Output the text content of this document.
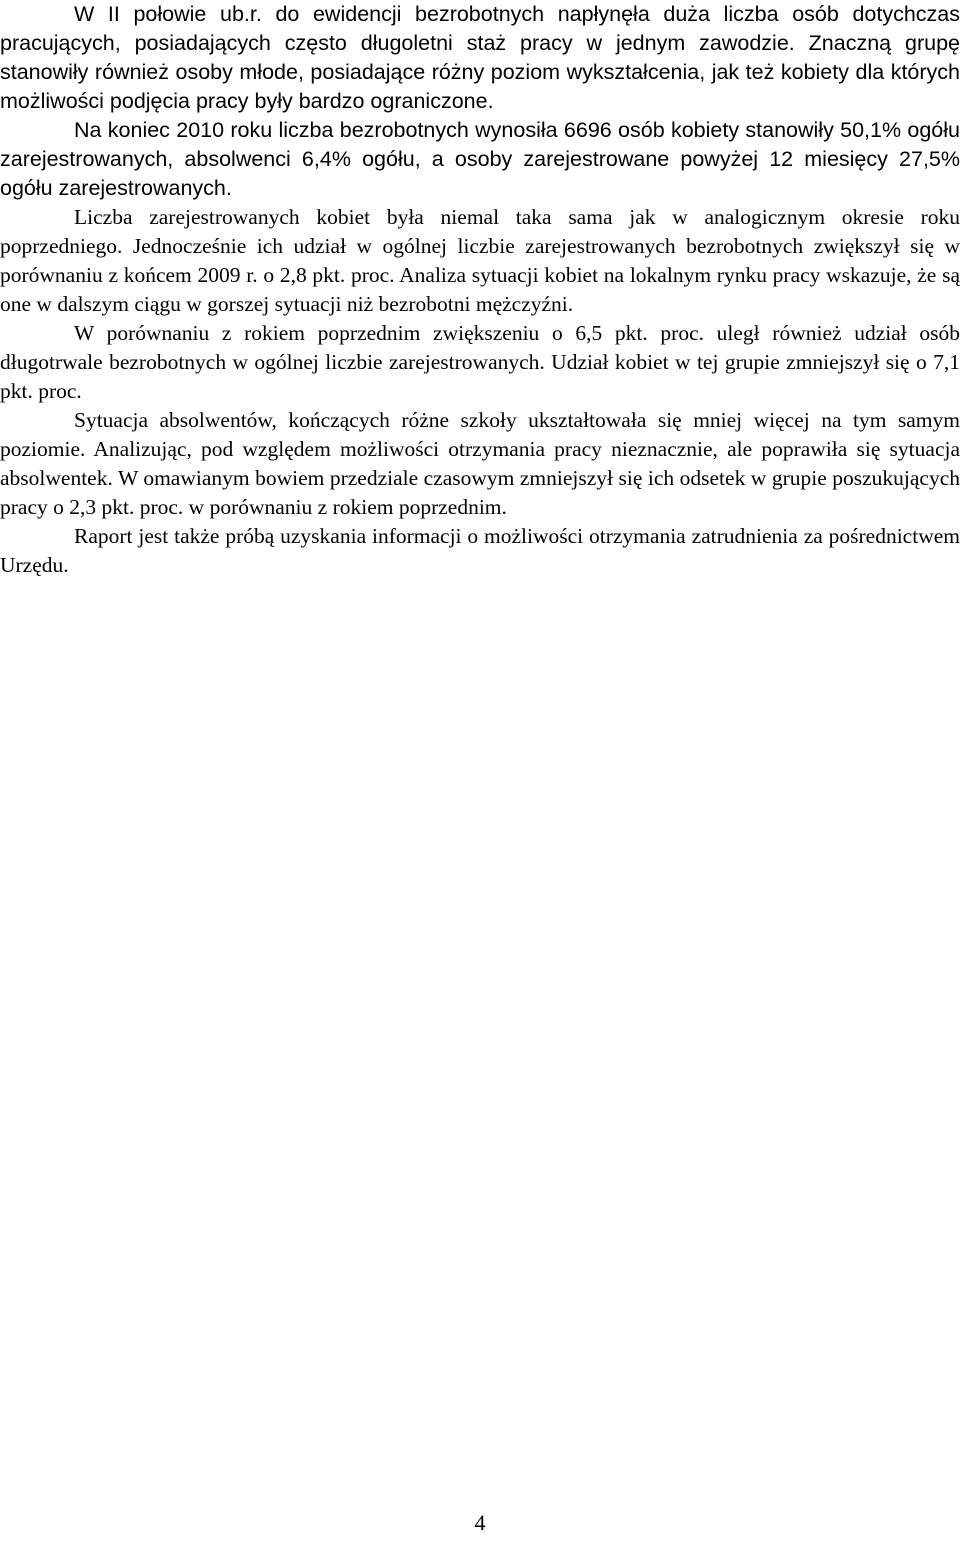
W II połowie ub.r. do ewidencji bezrobotnych napłynęła duża liczba osób dotychczas pracujących, posiadających często długoletni staż pracy w jednym zawodzie. Znaczną grupę stanowiły również osoby młode, posiadające różny poziom wykształcenia, jak też kobiety dla których możliwości podjęcia pracy były bardzo ograniczone.

Na koniec 2010 roku liczba bezrobotnych wynosiła 6696 osób kobiety stanowiły 50,1% ogółu zarejestrowanych, absolwenci 6,4% ogółu, a osoby zarejestrowane powyżej 12 miesięcy 27,5% ogółu zarejestrowanych.

Liczba zarejestrowanych kobiet była niemal taka sama jak w analogicznym okresie roku poprzedniego. Jednocześnie ich udział w ogólnej liczbie zarejestrowanych bezrobotnych zwiększył się w porównaniu z końcem 2009 r. o 2,8 pkt. proc. Analiza sytuacji kobiet na lokalnym rynku pracy wskazuje, że są one w dalszym ciągu w gorszej sytuacji niż bezrobotni mężczyźni.

W porównaniu z rokiem poprzednim zwiększeniu o 6,5 pkt. proc. uległ również udział osób długotrwale bezrobotnych w ogólnej liczbie zarejestrowanych. Udział kobiet w tej grupie zmniejszył się o 7,1 pkt. proc.

Sytuacja absolwentów, kończących różne szkoły ukształtowała się mniej więcej na tym samym poziomie. Analizując, pod względem możliwości otrzymania pracy nieznacznie, ale poprawiła się sytuacja absolwentek. W omawianym bowiem przedziale czasowym zmniejszył się ich odsetek w grupie poszukujących pracy o 2,3 pkt. proc. w porównaniu z rokiem poprzednim.

Raport jest także próbą uzyskania informacji o możliwości otrzymania zatrudnienia za pośrednictwem Urzędu.

4
